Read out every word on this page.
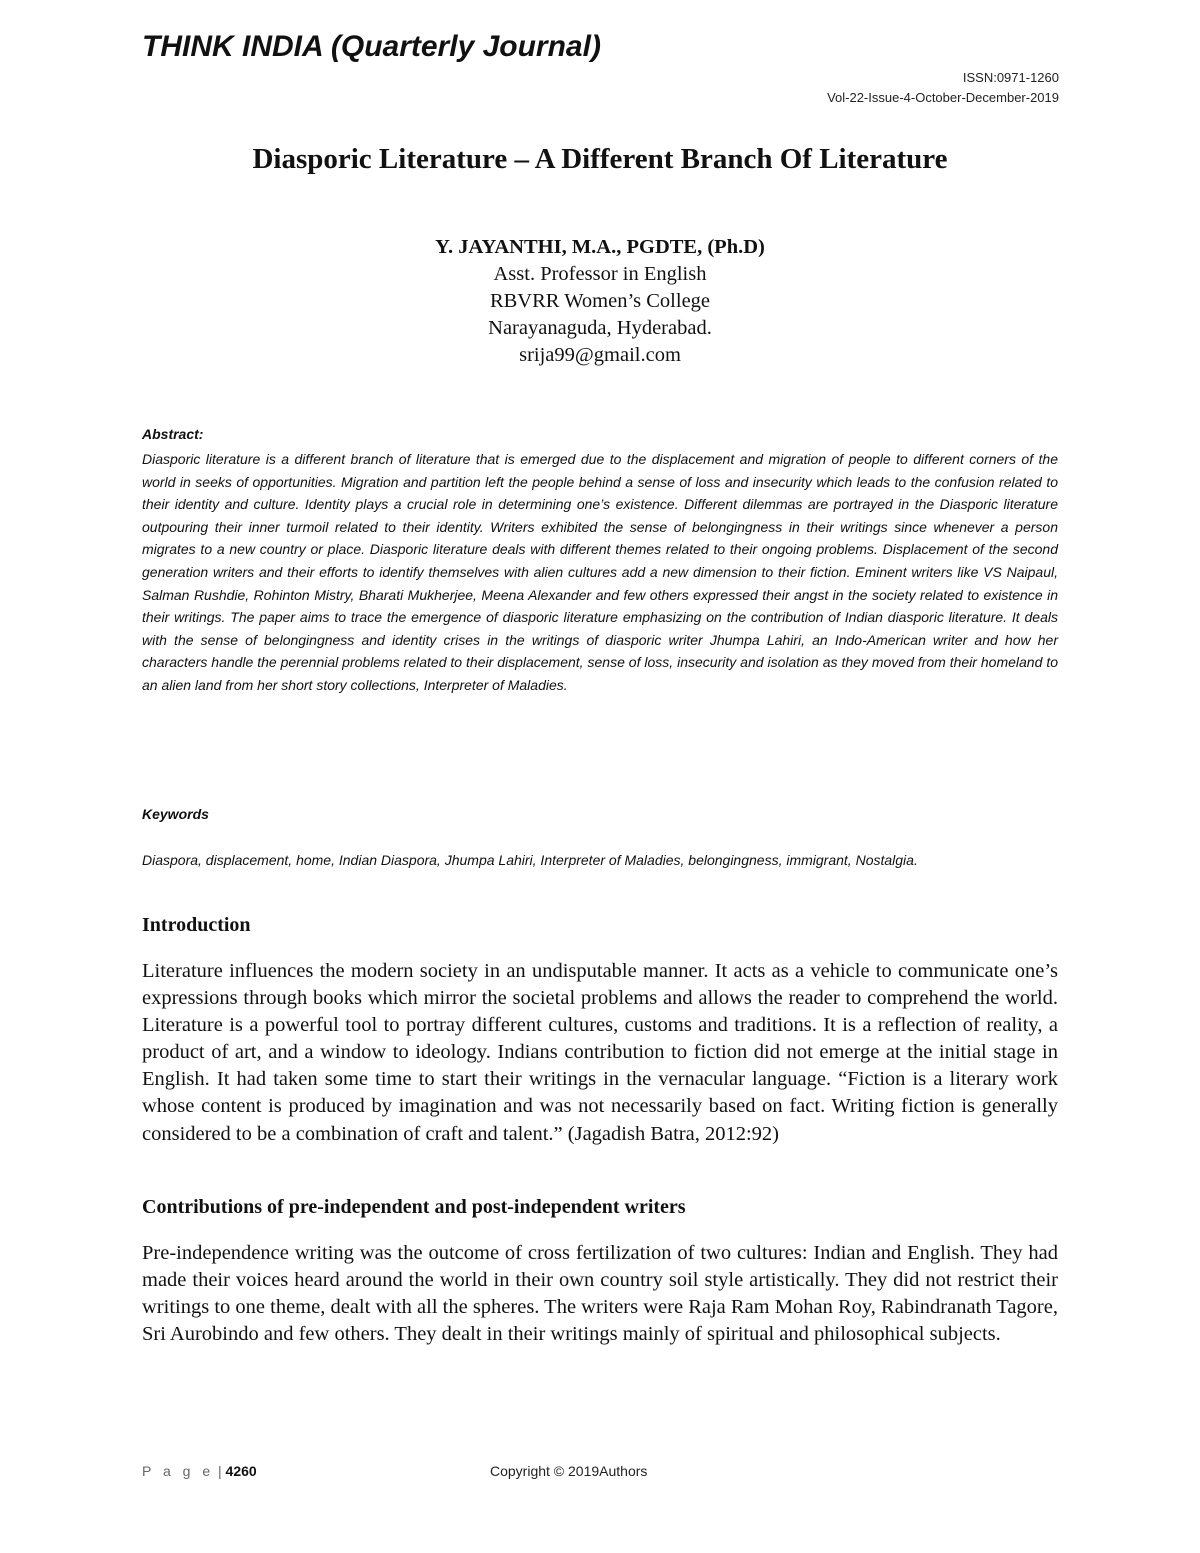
THINK INDIA (Quarterly Journal)
ISSN:0971-1260
Vol-22-Issue-4-October-December-2019
Diasporic Literature – A Different Branch Of Literature
Y. JAYANTHI, M.A., PGDTE, (Ph.D)
Asst. Professor in English
RBVRR Women’s College
Narayanaguda, Hyderabad.
srija99@gmail.com
Abstract:

Diasporic literature is a different branch of literature that is emerged due to the displacement and migration of people to different corners of the world in seeks of opportunities. Migration and partition left the people behind a sense of loss and insecurity which leads to the confusion related to their identity and culture. Identity plays a crucial role in determining one’s existence. Different dilemmas are portrayed in the Diasporic literature outpouring their inner turmoil related to their identity. Writers exhibited the sense of belongingness in their writings since whenever a person migrates to a new country or place. Diasporic literature deals with different themes related to their ongoing problems. Displacement of the second generation writers and their efforts to identify themselves with alien cultures add a new dimension to their fiction. Eminent writers like VS Naipaul, Salman Rushdie, Rohinton Mistry, Bharati Mukherjee, Meena Alexander and few others expressed their angst in the society related to existence in their writings. The paper aims to trace the emergence of diasporic literature emphasizing on the contribution of Indian diasporic literature. It deals with the sense of belongingness and identity crises in the writings of diasporic writer Jhumpa Lahiri, an Indo-American writer and how her characters handle the perennial problems related to their displacement, sense of loss, insecurity and isolation as they moved from their homeland to an alien land from her short story collections, Interpreter of Maladies.

Keywords

Diaspora, displacement, home, Indian Diaspora, Jhumpa Lahiri, Interpreter of Maladies, belongingness, immigrant, Nostalgia.

Introduction

Literature influences the modern society in an undisputable manner. It acts as a vehicle to communicate one’s expressions through books which mirror the societal problems and allows the reader to comprehend the world. Literature is a powerful tool to portray different cultures, customs and traditions. It is a reflection of reality, a product of art, and a window to ideology. Indians contribution to fiction did not emerge at the initial stage in English. It had taken some time to start their writings in the vernacular language. “Fiction is a literary work whose content is produced by imagination and was not necessarily based on fact. Writing fiction is generally considered to be a combination of craft and talent.” (Jagadish Batra, 2012:92)

Contributions of pre-independent and post-independent writers

Pre-independence writing was the outcome of cross fertilization of two cultures: Indian and English. They had made their voices heard around the world in their own country soil style artistically. They did not restrict their writings to one theme, dealt with all the spheres. The writers were Raja Ram Mohan Roy, Rabindranath Tagore, Sri Aurobindo and few others. They dealt in their writings mainly of spiritual and philosophical subjects.

P a g e | 4260	Copyright © 2019Authors
